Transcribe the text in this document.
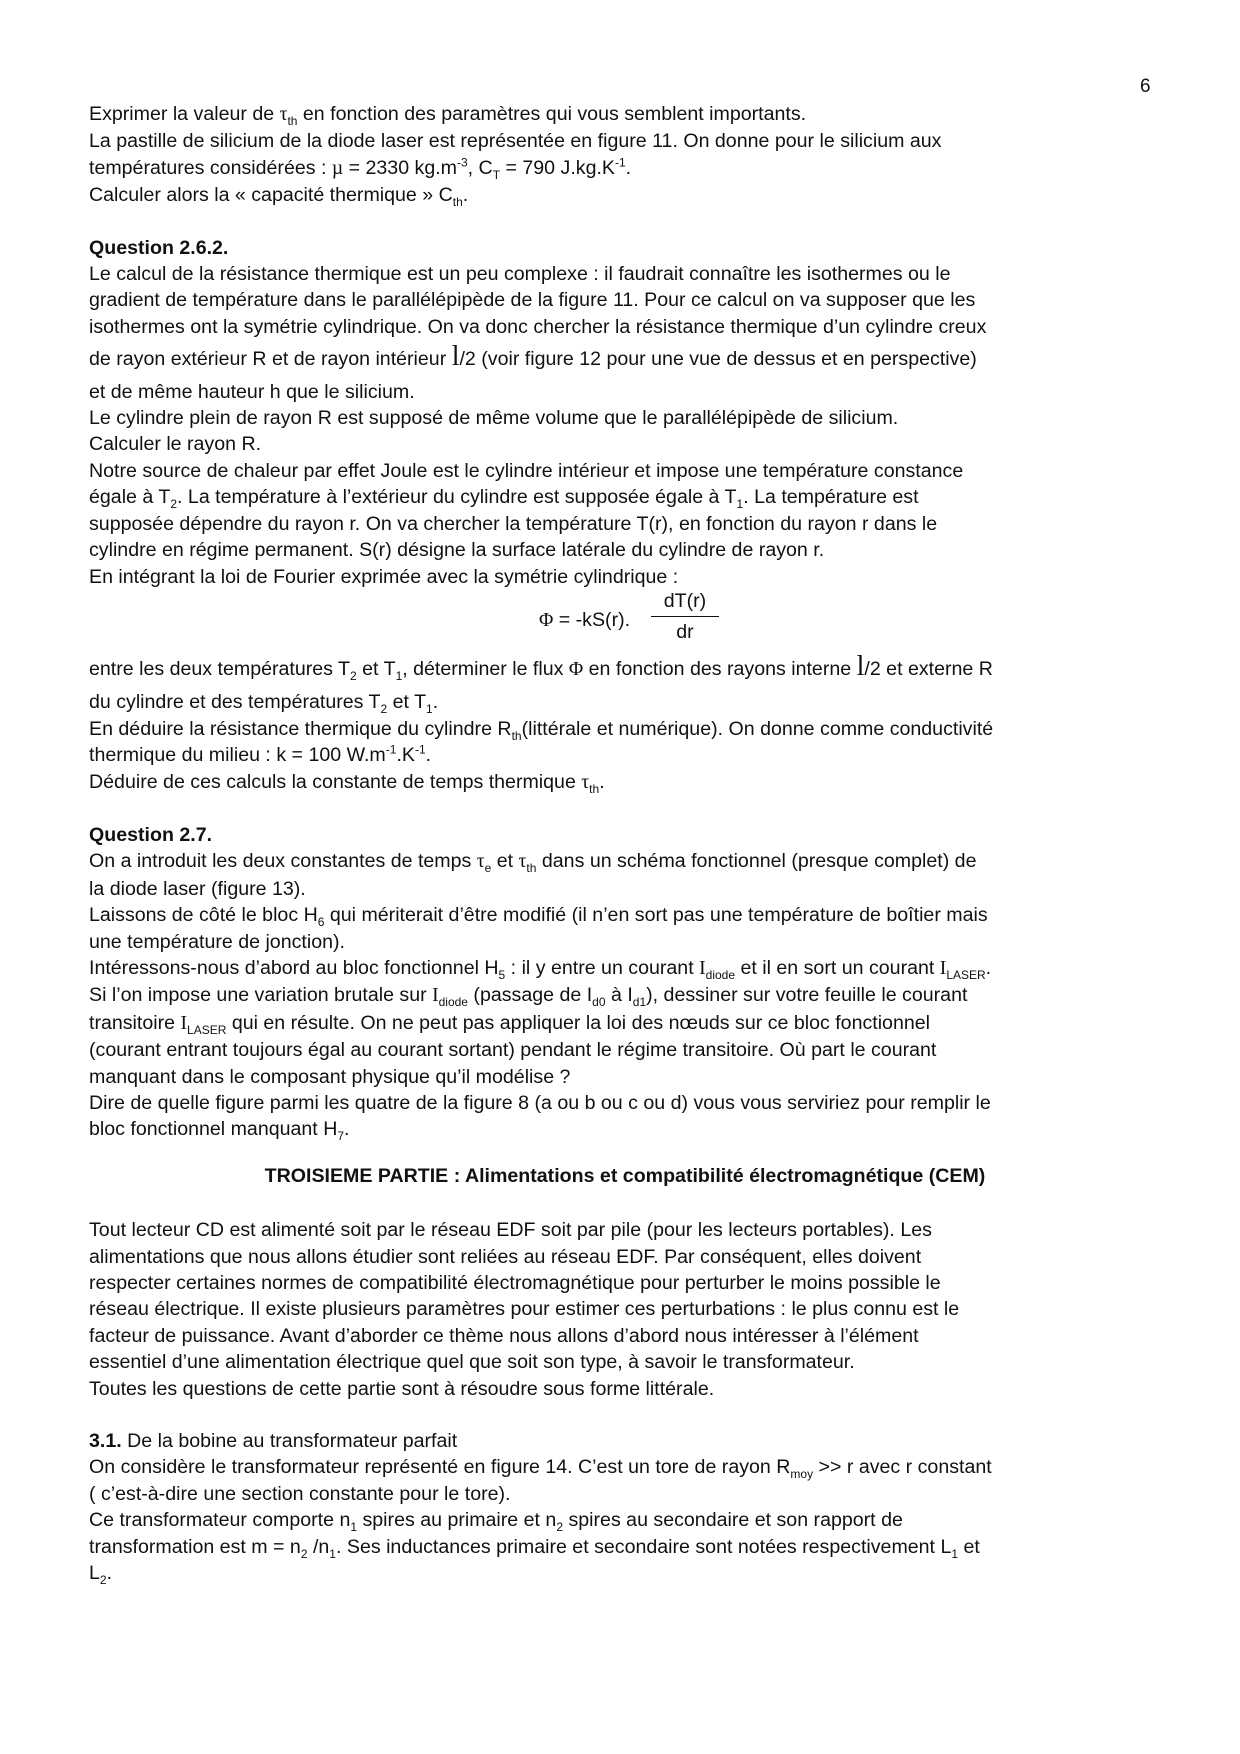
6

Exprimer la valeur de $\tau_{th}$ en fonction des paramètres qui vous semblent importants.

La pastille de silicium de la diode laser est représentée en figure 11. On donne pour le silicium aux

températures considérées : µ = 2330 $kg.m^{-3}$, $C_T = 790$ $J.kg.K^{-1}$.

Calculer alors la « capacité thermique » $C_{th}$.

Question 2.6.2.

Le calcul de la résistance thermique est un peu complexe : il faudrait connaître les isothermes ou le

gradient de température dans le parallélépipède de la figure 11. Pour ce calcul on va supposer que les

isothermes ont la symétrie cylindrique. On va donc chercher la résistance thermique d’un cylindre creux

de rayon extérieur R et de rayon intérieur l/2 (voir figure 12 pour une vue de dessus et en perspective)

et de même hauteur h que le silicium.

Le cylindre plein de rayon R est supposé de même volume que le parallélépipède de silicium.

Calculer le rayon R.

Notre source de chaleur par effet Joule est le cylindre intérieur et impose une température constance

égale à $T_2$. La température à l’extérieur du cylindre est supposée égale à $T_1$. La température est

supposée dépendre du rayon r. On va chercher la température T(r), en fonction du rayon r dans le

cylindre en régime permanent. S(r) désigne la surface latérale du cylindre de rayon r.

En intégrant la loi de Fourier exprimée avec la symétrie cylindrique :

Φ = -kS(r). $\frac{dT(r)}{dr}$

entre les deux températures $T_2$ et $T_1$, déterminer le flux Φ en fonction des rayons interne l/2 et externe R

du cylindre et des températures $T_2$ et $T_1$.

En déduire la résistance thermique du cylindre $R_{th}(littérale$ et numérique). On donne comme conductivité

thermique du milieu : k = 100 $W.m^{-1}.K^{-1}$.

Déduire de ces calculs la constante de temps thermique $\tau_{th}$.

Question 2.7.

On a introduit les deux constantes de temps $\tau_e$ et $\tau_{th}$ dans un schéma fonctionnel (presque complet) de

la diode laser (figure 13).

Laissons de côté le bloc $H_6$ qui mériterait d’être modifié (il n’en sort pas une température de boîtier mais

une température de jonction).

Intéressons-nous d’abord au bloc fonctionnel $H_5$ : il y entre un courant $I_{diode}$ et il en sort un courant $I_{LASER}$.

Si l’on impose une variation brutale sur $I_{diode}$ (passage de $I_{d0}$ à $I_{d1}$), dessiner sur votre feuille le courant

transitoire $I_{LASER}$ qui en résulte. On ne peut pas appliquer la loi des nœuds sur ce bloc fonctionnel

(courant entrant toujours égal au courant sortant) pendant le régime transitoire. Où part le courant

manquant dans le composant physique qu’il modélise ?

Dire de quelle figure parmi les quatre de la figure 8 (a ou b ou c ou d) vous vous serviriez pour remplir le

bloc fonctionnel manquant $H_7$.

TROISIEME PARTIE : Alimentations et compatibilité électromagnétique (CEM)

Tout lecteur CD est alimenté soit par le réseau EDF soit par pile (pour les lecteurs portables). Les

alimentations que nous allons étudier sont reliées au réseau EDF. Par conséquent, elles doivent

respecter certaines normes de compatibilité électromagnétique pour perturber le moins possible le

réseau électrique. Il existe plusieurs paramètres pour estimer ces perturbations : le plus connu est le

facteur de puissance. Avant d’aborder ce thème nous allons d’abord nous intéresser à l’élément

essentiel d’une alimentation électrique quel que soit son type, à savoir le transformateur.

Toutes les questions de cette partie sont à résoudre sous forme littérale.

3.1. De la bobine au transformateur parfait

On considère le transformateur représenté en figure 14. C’est un tore de rayon $R_{moy} >> r$ avec r constant

( c’est-à-dire une section constante pour le tore).

Ce transformateur comporte $n_1$ spires au primaire et $n_2$ spires au secondaire et son rapport de

transformation est $m = n_2$ $/n_1$. Ses inductances primaire et secondaire sont notées respectivement $L_1$ et

$L_2$.
